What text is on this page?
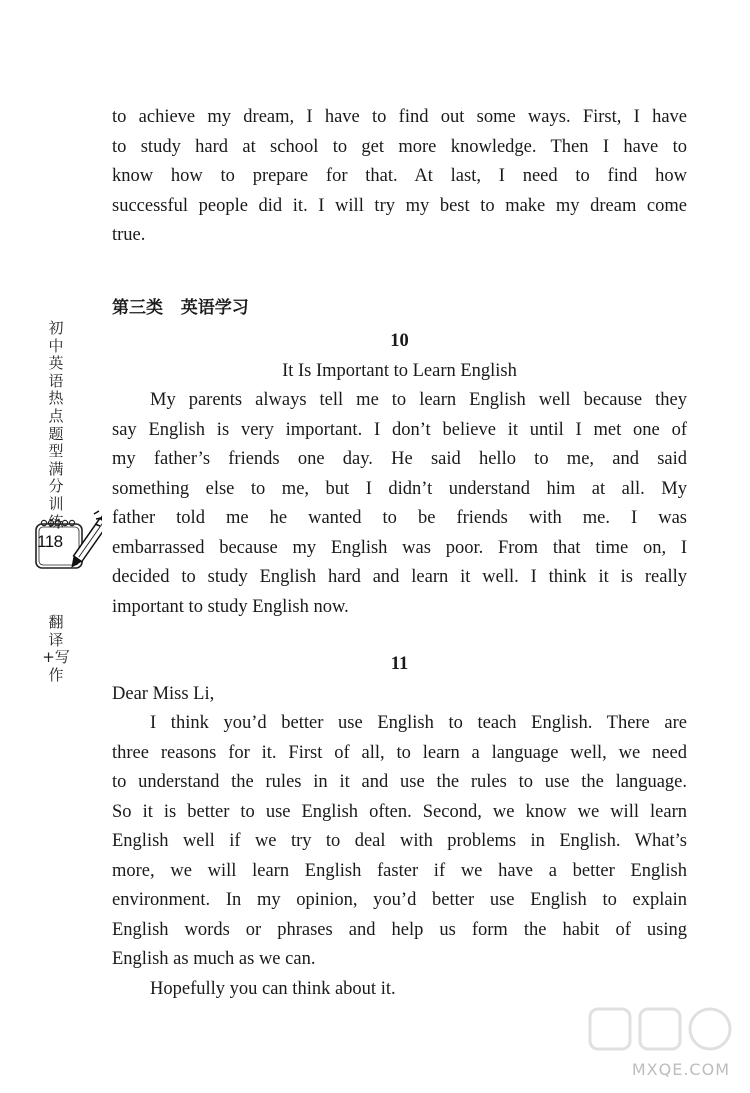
to achieve my dream, I have to find out some ways. First, I have
to study hard at school to get more knowledge. Then I have to
know how to prepare for that. At last, I need to find how
successful people did it. I will try my best to make my dream come
true.
第三类   英语学习
10
It Is Important to Learn English
My parents always tell me to learn English well because they
say English is very important. I don’t believe it until I met one of
my father’s friends one day. He said hello to me, and said
something else to me, but I didn’t understand him at all. My
father told me he wanted to be friends with me. I was
embarrassed because my English was poor. From that time on, I
decided to study English hard and learn it well. I think it is really
important to study English now.
11
Dear Miss Li,
I think you’d better use English to teach English. There are
three reasons for it. First of all, to learn a language well, we need
to understand the rules in it and use the rules to use the language.
So it is better to use English often. Second, we know we will learn
English well if we try to deal with problems in English. What’s
more, we will learn English faster if we have a better English
environment. In my opinion, you’d better use English to explain
English words or phrases and help us form the habit of using
English as much as we can.
Hopefully you can think about it.
初中英语热点题型满分训练
118
翻译+写作
MXQE.COM
